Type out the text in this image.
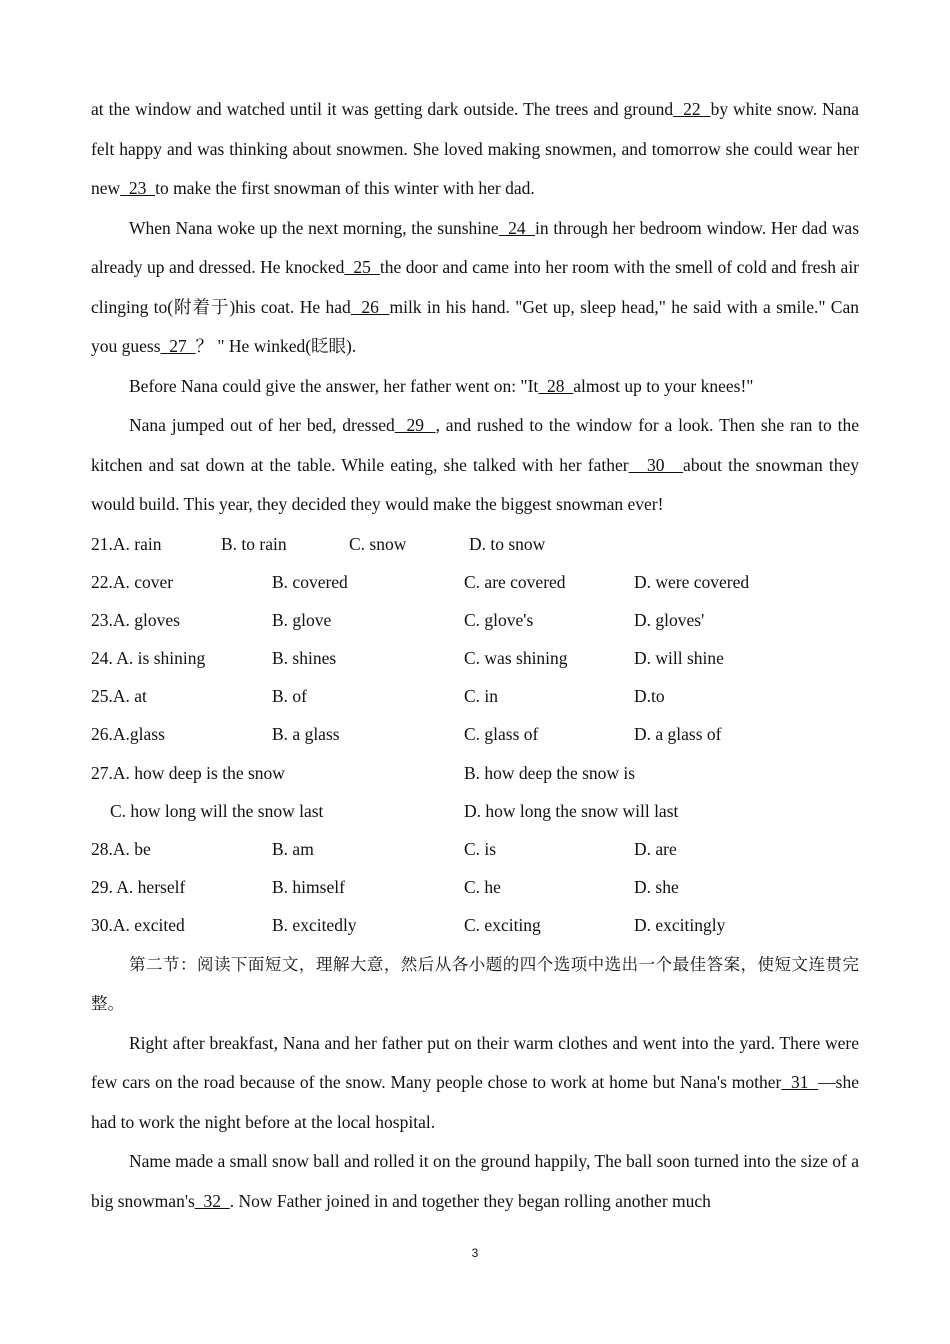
at the window and watched until it was getting dark outside. The trees and ground  22  by white snow. Nana felt happy and was thinking about snowmen. She loved making snowmen, and tomorrow she could wear her new  23  to make the first snowman of this winter with her dad.

When Nana woke up the next morning, the sunshine  24  in through her bedroom window. Her dad was already up and dressed. He knocked  25  the door and came into her room with the smell of cold and fresh air clinging to(附着于)his coat. He had  26  milk in his hand. "Get up, sleep head," he said with a smile." Can you guess  27  ？ " He winked(眨眼).

Before Nana could give the answer, her father went on: "It  28  almost up to your knees!"

Nana jumped out of her bed, dressed  29  , and rushed to the window for a look. Then she ran to the kitchen and sat down at the table. While eating, she talked with her father   30   about the snowman they would build. This year, they decided they would make the biggest snowman ever!

21.A. rain	B. to rain	C. snow	D. to snow
22.A. cover	B. covered	C. are covered	D. were covered
23.A. gloves	B. glove	C. glove's	D. gloves'
24. A. is shining	B. shines	C. was shining	D. will shine
25.A. at	B. of	C. in	D.to
26.A.glass	B. a glass	C. glass of	D. a glass of
27.A. how deep is the snow	B. how deep the snow is
C. how long will the snow last	D. how long the snow will last
28.A. be	B. am	C. is	D. are
29. A. herself	B. himself	C. he	D. she
30.A. excited	B. excitedly	C. exciting	D. excitingly

第二节：阅读下面短文，理解大意，然后从各小题的四个选项中选出一个最佳答案，使短文连贯完整。

Right after breakfast, Nana and her father put on their warm clothes and went into the yard. There were few cars on the road because of the snow. Many people chose to work at home but Nana's mother  31  —she had to work the night before at the local hospital.

Name made a small snow ball and rolled it on the ground happily, The ball soon turned into the size of a big snowman's  32  . Now Father joined in and together they began rolling another much

3
